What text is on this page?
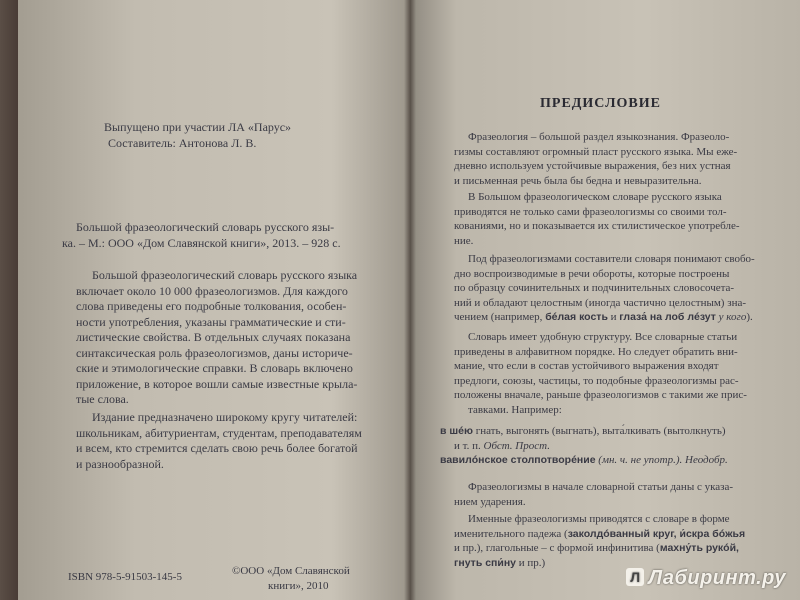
Выпущено при участии ЛА «Парус»
Составитель: Антонова Л. В.
Большой фразеологический словарь русского язы-
ка. – М.: ООО «Дом Славянской книги», 2013. – 928 с.
Большой фразеологический словарь русского языка
включает около 10 000 фразеологизмов. Для каждого
слова приведены его подробные толкования, особен-
ности употребления, указаны грамматические и сти-
листические свойства. В отдельных случаях показана
синтаксическая роль фразеологизмов, даны историче-
ские и этимологические справки. В словарь включено
приложение, в которое вошли самые известные крыла-
тые слова.
Издание предназначено широкому кругу читателей:
школьникам, абитуриентам, студентам, преподавателям
и всем, кто стремится сделать свою речь более богатой
и разнообразной.
ISBN 978-5-91503-145-5	©ООО «Дом Славянской
книги», 2010
ПРЕДИСЛОВИЕ
Фразеология – большой раздел языкознания. Фразеоло-
гизмы составляют огромный пласт русского языка. Мы еже-
дневно используем устойчивые выражения, без них устная
и письменная речь была бы бедна и невыразительна.
В Большом фразеологическом словаре русского языка
приводятся не только сами фразеологизмы со своими тол-
кованиями, но и показывается их стилистическое употребле-
ние.
Под фразеологизмами составители словаря понимают свобо-
дно воспроизводимые в речи обороты, которые построены
по образцу сочинительных и подчинительных словосочета-
ний и обладают целостным (иногда частично целостным) зна-
чением (например, бéлая кость и глаза́ на лоб лéзут у кого).
Словарь имеет удобную структуру. Все словарные статьи
приведены в алфавитном порядке. Но следует обратить вни-
мание, что если в состав устойчивого выражения входят
предлоги, союзы, частицы, то подобные фразеологизмы рас-
положены вначале, раньше фразеологизмов с такими же прис-
тавками. Например:
в шéю гнать, выгонять (выгнать), выта́лкивать (вытолкнуть)
и т. п. Обст. Прост.
вавилóнское столпотворéние (мн. ч. не употр.). Неодобр.
Фразеологизмы в начале словарной статьи даны с указа-
нием ударения.
Именные фразеологизмы приводятся с словаре в форме
именительного падежа (заколдóванный круг, и́скра бóжья
и пр.), глагольные – с формой инфинитива (махну́ть рукóй,
гнуть спи́ну и пр.)
Л Лабиринт.ру
